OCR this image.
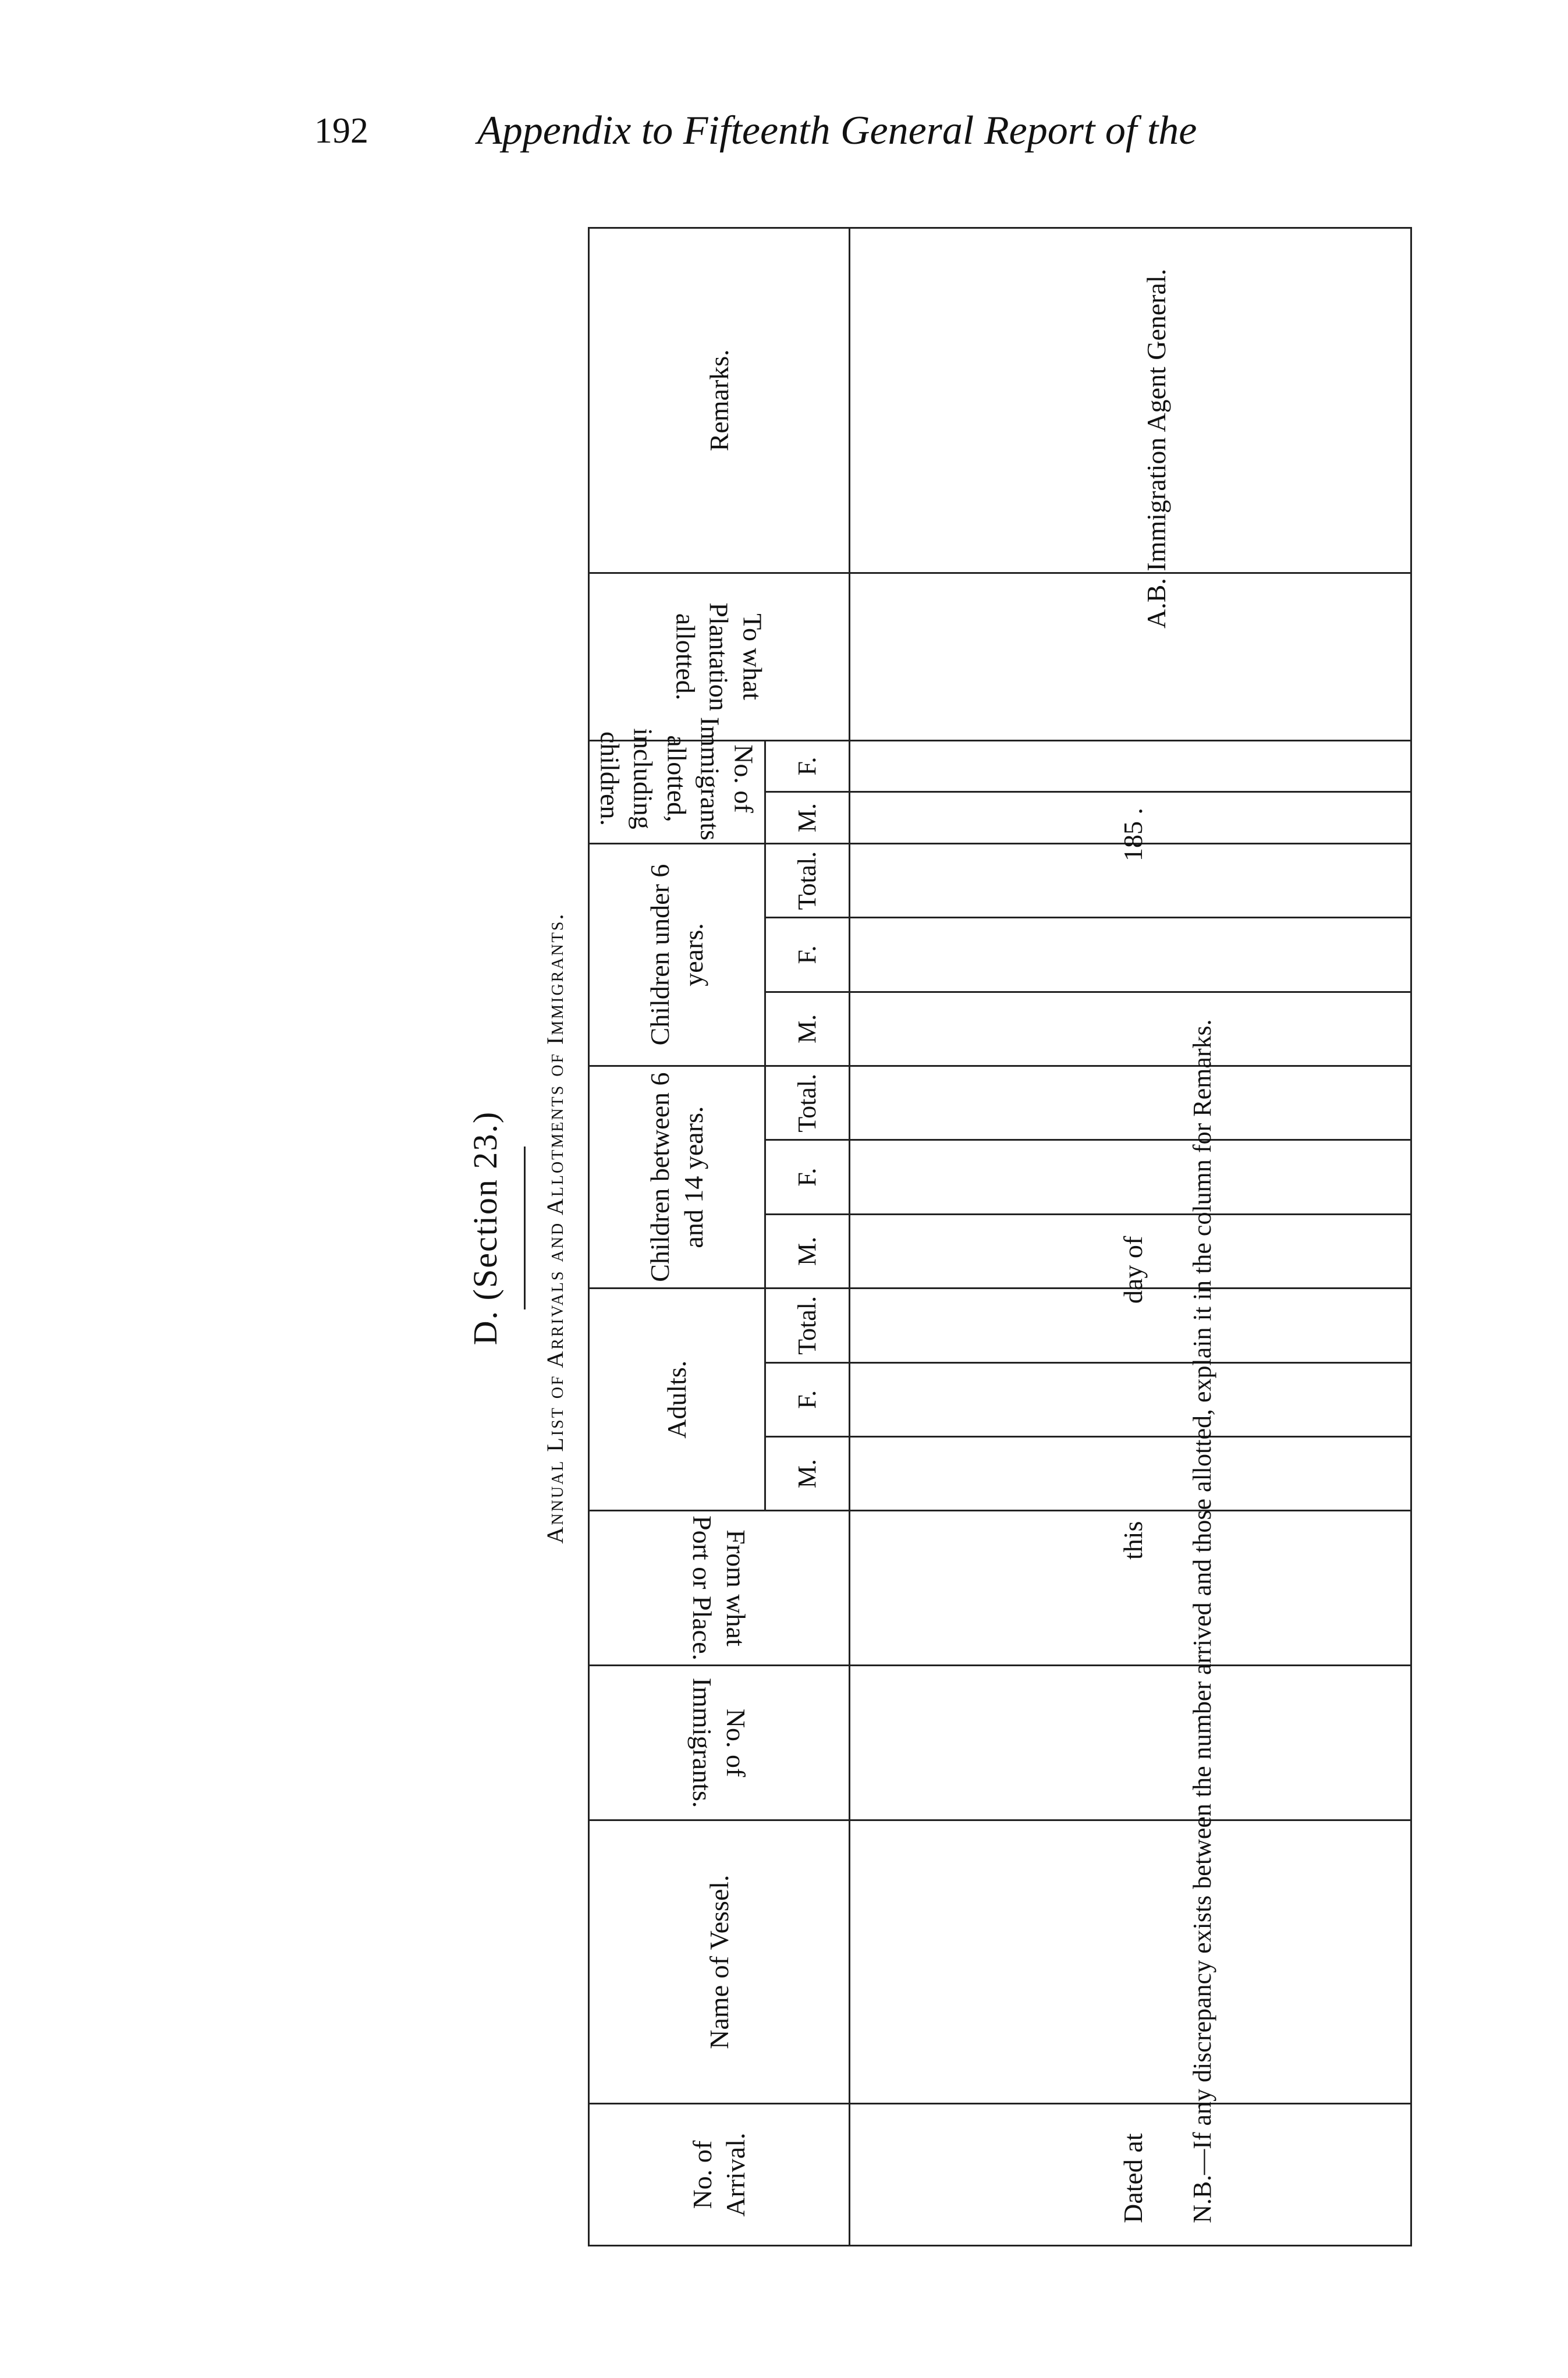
192	Appendix to Fifteenth General Report of the
D. (Section 23.) Annual List of Arrivals and Allotments of Immigrants.
No. of Arrival.	Name of Vessel.	No. of Immigrants.	From what Port or Place.	Adults.			Children between 6 and 14 years.			Children under 6 years.			No. of Immigrants allotted, including children.		To what Plantation allotted.	Remarks.
				M.	F.	Total.	M.	F.	Total.	M.	F.	Total.	M.	F.		

Dated at
this
day of
185 .
A.B. Immigration Agent General.
N.B.—If any discrepancy exists between the number arrived and those allotted, explain it in the column for Remarks.
